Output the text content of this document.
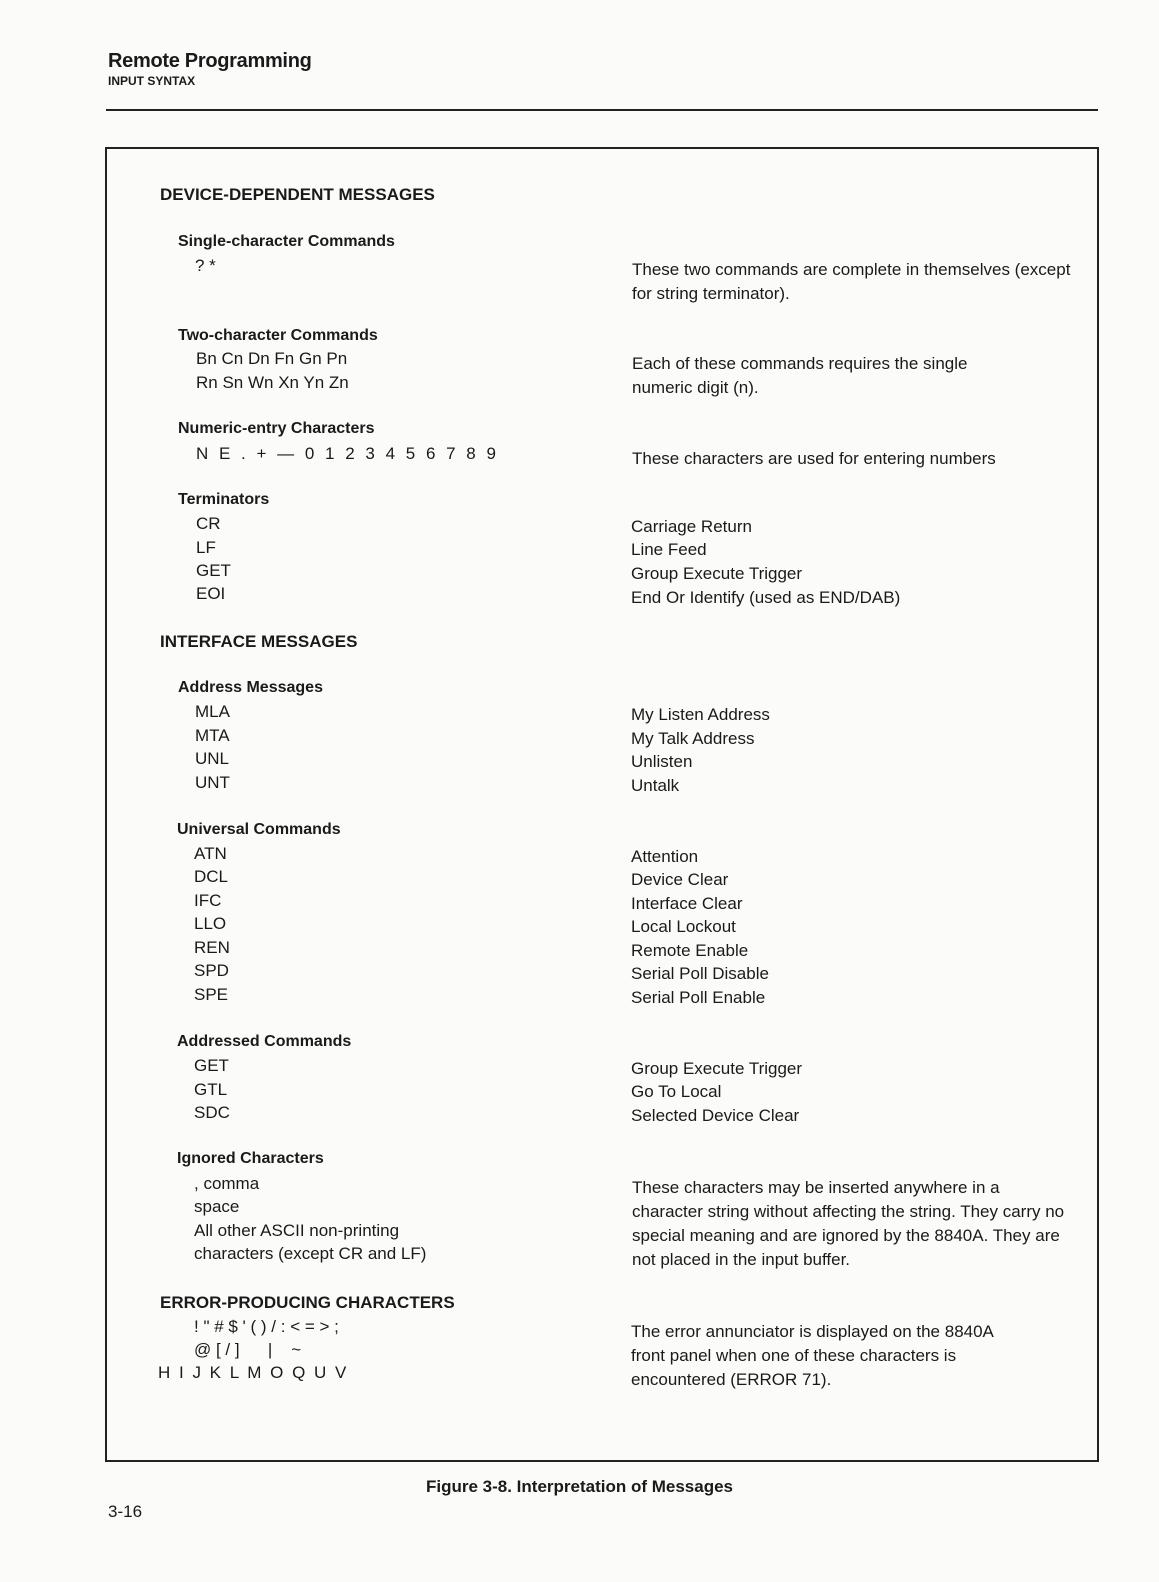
Remote Programming
INPUT SYNTAX
DEVICE-DEPENDENT MESSAGES
Single-character Commands
? *	These two commands are complete in themselves (except for string terminator).
Two-character Commands
Bn Cn Dn Fn Gn Pn
Rn Sn Wn Xn Yn Zn
Each of these commands requires the single numeric digit (n).
Numeric-entry Characters
N E . + — 0 1 2 3 4 5 6 7 8 9	These characters are used for entering numbers
Terminators
CR
LF
GET
EOI
Carriage Return
Line Feed
Group Execute Trigger
End Or Identify (used as END/DAB)
INTERFACE MESSAGES
Address Messages
MLA
MTA
UNL
UNT
My Listen Address
My Talk Address
Unlisten
Untalk
Universal Commands
ATN
DCL
IFC
LLO
REN
SPD
SPE
Attention
Device Clear
Interface Clear
Local Lockout
Remote Enable
Serial Poll Disable
Serial Poll Enable
Addressed Commands
GET
GTL
SDC
Group Execute Trigger
Go To Local
Selected Device Clear
Ignored Characters
, comma
space
All other ASCII non-printing
characters (except CR and LF)
These characters may be inserted anywhere in a character string without affecting the string. They carry no special meaning and are ignored by the 8840A. They are not placed in the input buffer.
ERROR-PRODUCING CHARACTERS
! " # $ ' ( ) / : < = > ;
@ [ / ]      |    ~
H I J K L M O Q U V
The error annunciator is displayed on the 8840A front panel when one of these characters is encountered (ERROR 71).
Figure 3-8. Interpretation of Messages
3-16
